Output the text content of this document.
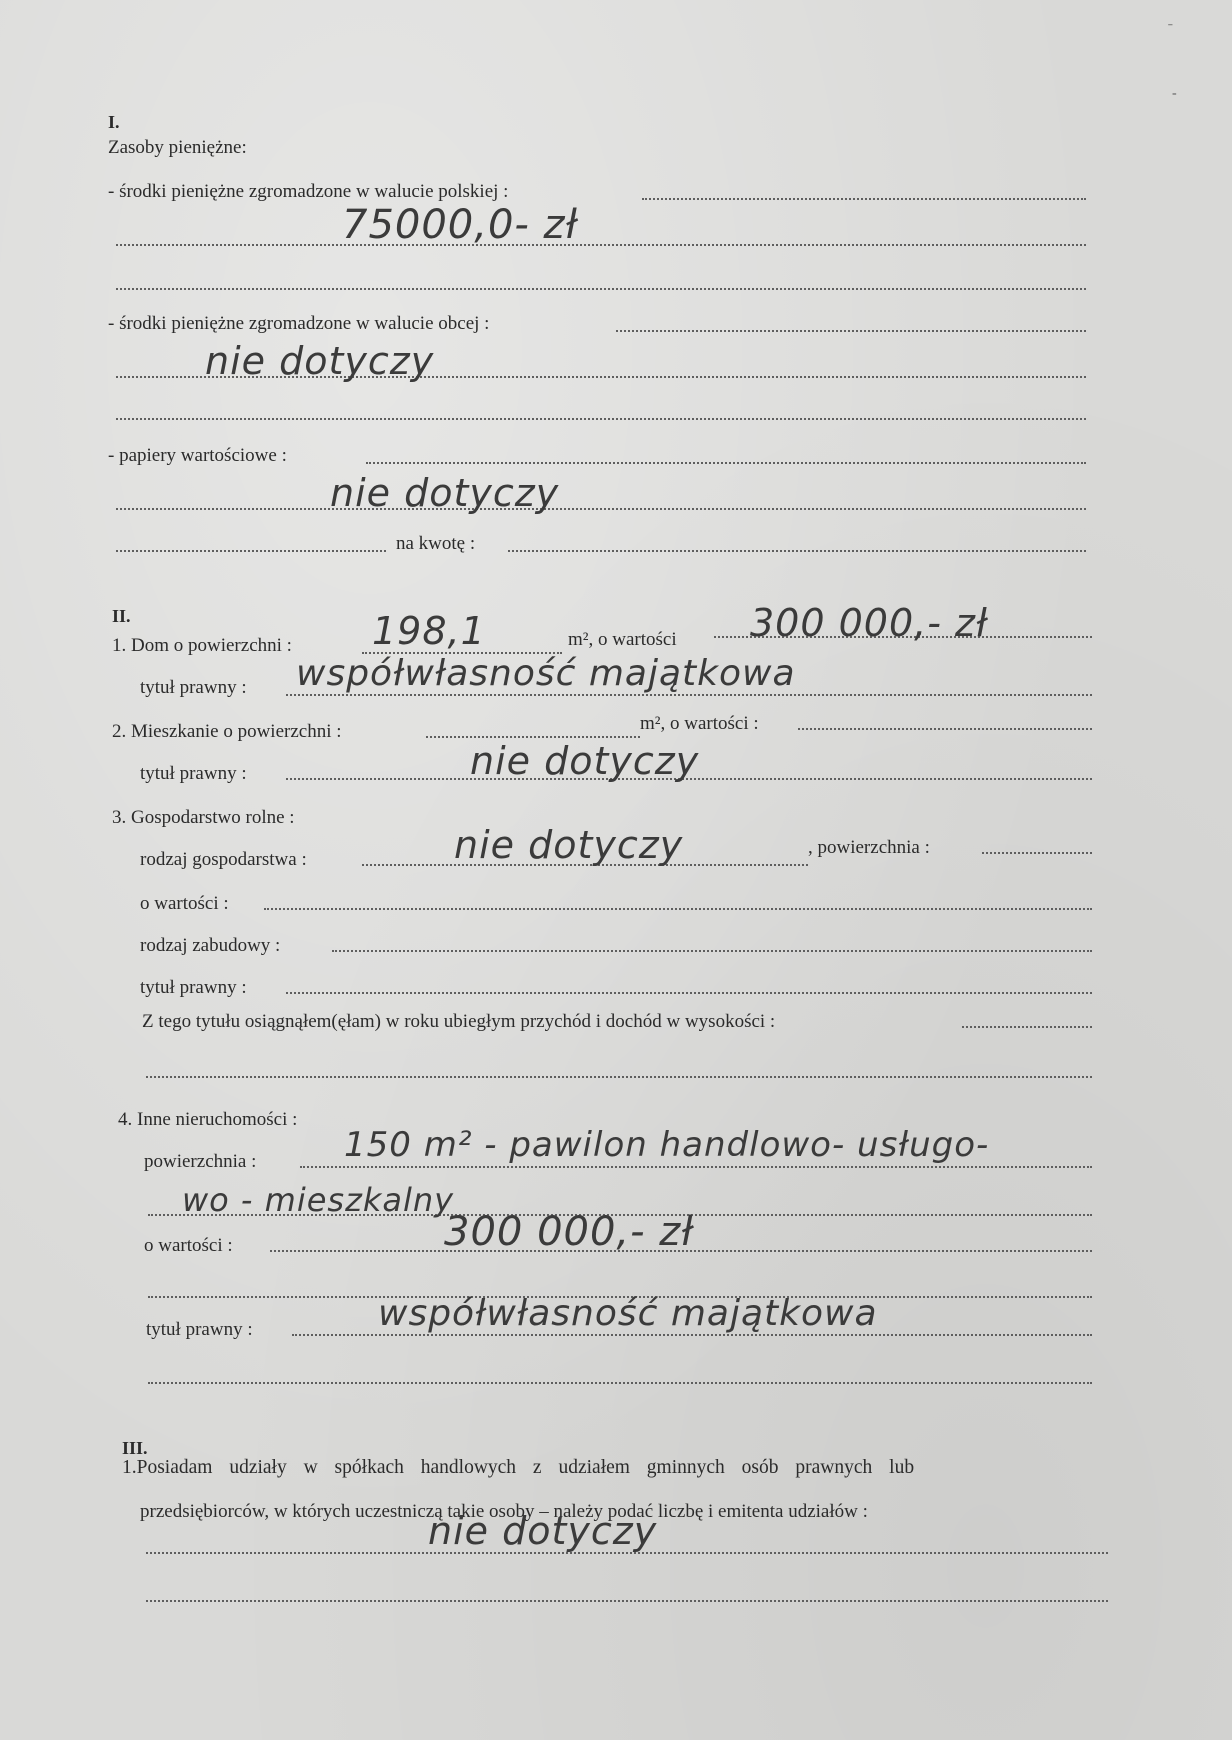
ˉ
-
I.
Zasoby pieniężne:
- środki pieniężne zgromadzone w walucie polskiej :
75000,0- zł
- środki pieniężne zgromadzone w walucie obcej :
nie dotyczy
- papiery wartościowe :
nie dotyczy
na kwotę :
II.
1. Dom o powierzchni : 198,1	m², o wartości 300 000,- zł
tytuł prawny : współwłasność majątkowa
2. Mieszkanie o powierzchni :	m², o wartości :
tytuł prawny :	nie dotyczy
3. Gospodarstwo rolne :
rodzaj gospodarstwa :	nie dotyczy	, powierzchnia :
o wartości :
rodzaj zabudowy :
tytuł prawny :
Z tego tytułu osiągnąłem(ęłam) w roku ubiegłym przychód i dochód w wysokości :
4. Inne nieruchomości :
powierzchnia :	150 m² - pawilon handlowo- usługo-
wo - mieszkalny
o wartości :	300 000,- zł
tytuł prawny :	współwłasność majątkowa
III.
1.Posiadam udziały w spółkach handlowych z udziałem gminnych osób prawnych lub
przedsiębiorców, w których uczestniczą takie osoby – należy podać liczbę i emitenta udziałów :
nie dotyczy
